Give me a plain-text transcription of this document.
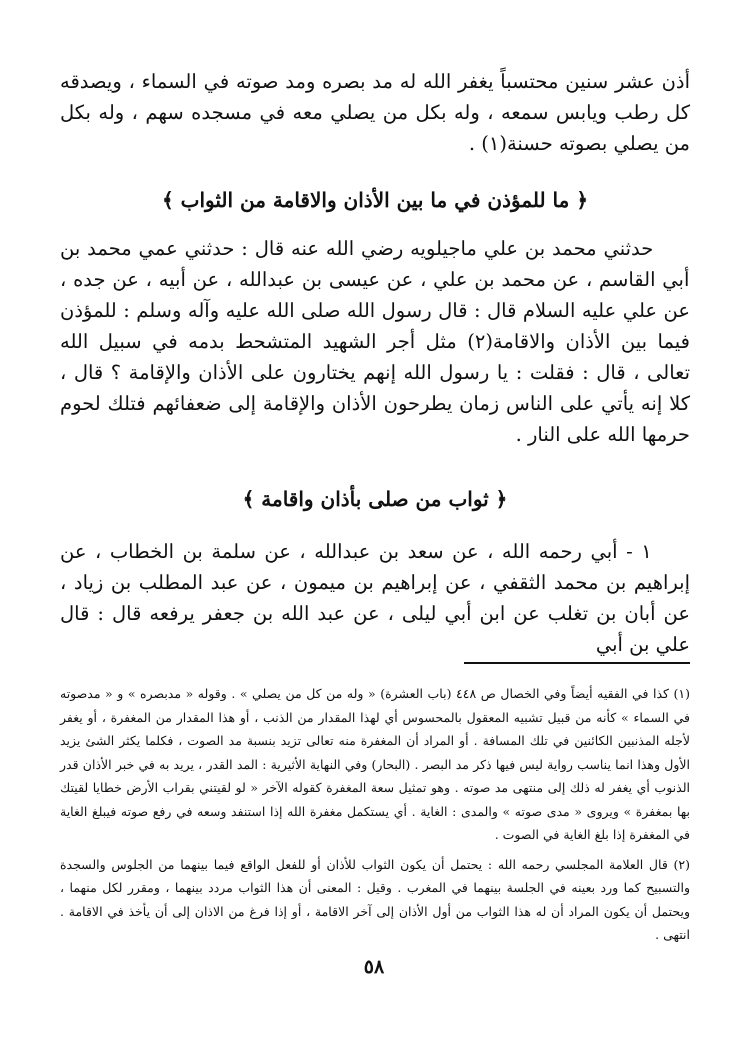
أذن عشر سنين محتسباً يغفر الله له مد بصره ومد صوته في السماء ، ويصدقه كل رطب ويابس سمعه ، وله بكل من يصلي معه في مسجده سهم ، وله بكل من يصلي بصوته حسنة(١) .

﴿ ما للمؤذن في ما بين الأذان والاقامة من الثواب ﴾

حدثني محمد بن علي ماجيلويه رضي الله عنه قال : حدثني عمي محمد بن أبي القاسم ، عن محمد بن علي ، عن عيسى بن عبدالله ، عن أبيه ، عن جده ، عن علي عليه السلام قال : قال رسول الله صلى الله عليه وآله وسلم : للمؤذن فيما بين الأذان والاقامة(٢) مثل أجر الشهيد المتشحط بدمه في سبيل الله تعالى ، قال : فقلت : يا رسول الله إنهم يختارون على الأذان والإقامة ؟ قال ، كلا إنه يأتي على الناس زمان يطرحون الأذان والإقامة إلى ضعفائهم فتلك لحوم حرمها الله على النار .

﴿ ثواب من صلى بأذان واقامة ﴾

١ - أبي رحمه الله ، عن سعد بن عبدالله ، عن سلمة بن الخطاب ، عن إبراهيم بن محمد الثقفي ، عن إبراهيم بن ميمون ، عن عبد المطلب بن زياد ، عن أبان بن تغلب عن ابن أبي ليلى ، عن عبد الله بن جعفر يرفعه قال : قال علي بن أبي

(١) كذا في الفقيه أيضاً وفي الخصال ص ٤٤٨ (باب العشرة) « وله من كل من يصلي » . وقوله « مدبصره » و « مدصوته في السماء » كأنه من قبيل تشبيه المعقول بالمحسوس أي لهذا المقدار من الذنب ، أو هذا المقدار من المغفرة ، أو يغفر لأجله المذنبين الكائنين في تلك المسافة . أو المراد أن المغفرة منه تعالى تزيد بنسبة مد الصوت ، فكلما يكثر الشئ يزيد الأول وهذا انما يناسب رواية ليس فيها ذكر مد البصر . (البحار) وفي النهاية الأثيرية : المد القدر ، يريد به في خبر الأذان قدر الذنوب أي يغفر له ذلك إلى منتهى مد صوته . وهو تمثيل سعة المغفرة كقوله الآخر « لو لقيتني بقراب الأرض خطايا لقيتك بها بمغفرة » ويروى « مدى صوته » والمدى : الغاية . أي يستكمل مغفرة الله إذا استنفد وسعه في رفع صوته فيبلغ الغاية في المغفرة إذا بلغ الغاية في الصوت .

(٢) قال العلامة المجلسي رحمه الله : يحتمل أن يكون الثواب للأذان أو للفعل الواقع فيما بينهما من الجلوس والسجدة والتسبيح كما ورد بعينه في الجلسة بينهما في المغرب . وقيل : المعنى أن هذا الثواب مردد بينهما ، ومقرر لكل منهما ، ويحتمل أن يكون المراد أن له هذا الثواب من أول الأذان إلى آخر الاقامة ، أو إذا فرغ من الاذان إلى أن يأخذ في الاقامة . انتهى .

٥٨
